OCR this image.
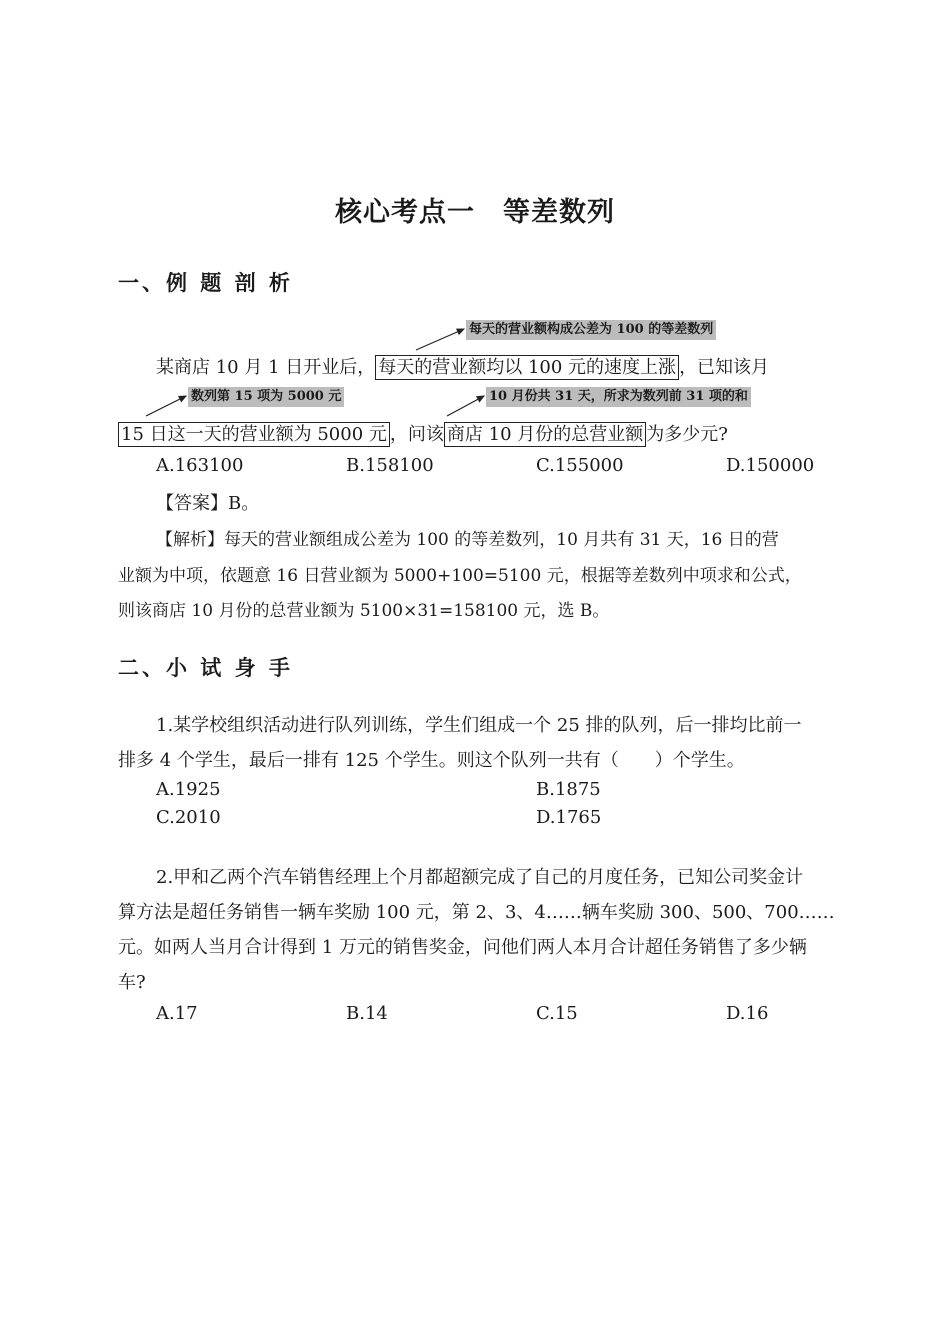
核心考点一　等差数列
一、例 题 剖 析
每天的营业额构成公差为 100 的等差数列
数列第 15 项为 5000 元	10 月份共 31 天，所求为数列前 31 项的和
某商店 10 月 1 日开业后， 每天的营业额均以 100 元的速度上涨 ，已知该月
15 日这一天的营业额为 5000 元 ，问该 商店 10 月份的总营业额 为多少元?
A.163100	B.158100	C.155000	D.150000
【答案】B。
【解析】每天的营业额组成公差为 100 的等差数列，10 月共有 31 天，16 日的营
业额为中项，依题意 16 日营业额为 5000+100=5100 元，根据等差数列中项求和公式，
则该商店 10 月份的总营业额为 5100×31=158100 元，选 B。
二、小 试 身 手
1.某学校组织活动进行队列训练，学生们组成一个 25 排的队列，后一排均比前一
排多 4 个学生，最后一排有 125 个学生。则这个队列一共有（　　）个学生。
A.1925	B.1875
C.2010	D.1765
2.甲和乙两个汽车销售经理上个月都超额完成了自己的月度任务，已知公司奖金计
算方法是超任务销售一辆车奖励 100 元，第 2、3、4……辆车奖励 300、500、700……
元。如两人当月合计得到 1 万元的销售奖金，问他们两人本月合计超任务销售了多少辆
车?
A.17	B.14	C.15	D.16
